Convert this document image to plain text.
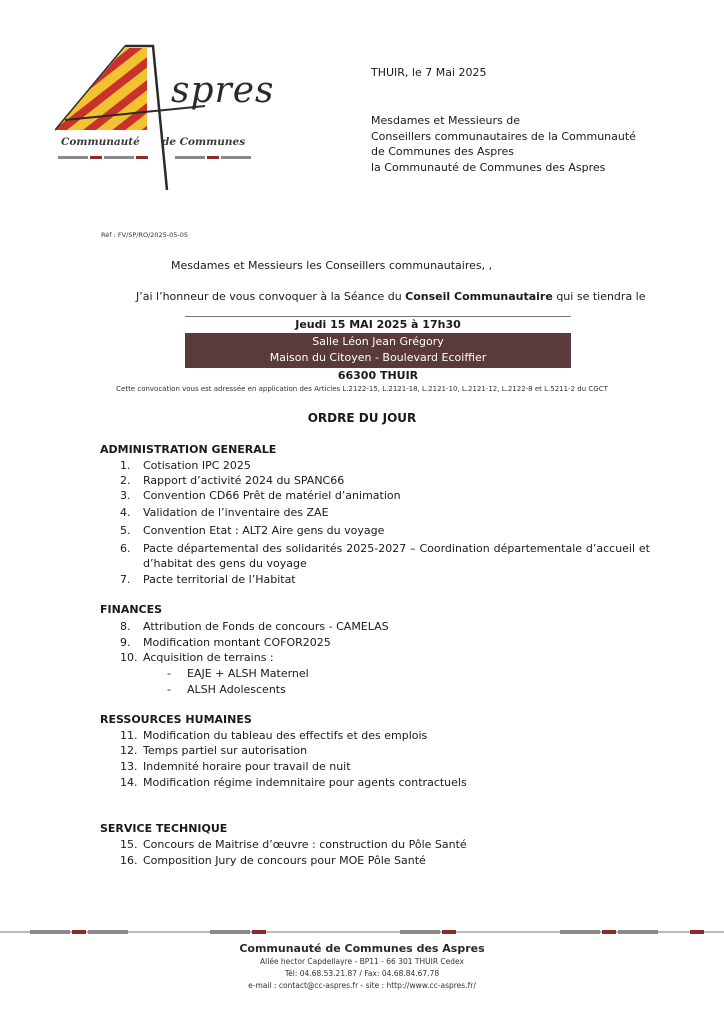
spres
Communauté de Communes
THUIR, le 7 Mai 2025
Mesdames et Messieurs de
Conseillers communautaires de la Communauté
de Communes des Aspres
la Communauté de Communes des Aspres
Réf : FV/SP/RO/2025-05-05
Mesdames et Messieurs les Conseillers communautaires, ,
J’ai l’honneur de vous convoquer à la Séance du Conseil Communautaire qui se tiendra le
Jeudi 15 MAI 2025 à 17h30
Salle Léon Jean Grégory
Maison du Citoyen - Boulevard Ecoiffier
66300 THUIR
Cette convocation vous est adressée en application des Articles L.2122-15, L.2121-18, L.2121-10, L.2121-12, L.2122-8 et L.5211-2 du CGCT
ORDRE DU JOUR
ADMINISTRATION GENERALE
1. Cotisation IPC 2025
2. Rapport d’activité 2024 du SPANC66
3. Convention CD66 Prêt de matériel d’animation
4. Validation de l’inventaire des ZAE
5. Convention Etat : ALT2 Aire gens du voyage
6. Pacte départemental des solidarités 2025-2027 – Coordination départementale d’accueil et d’habitat des gens du voyage
7. Pacte territorial de l’Habitat
FINANCES
8. Attribution de Fonds de concours - CAMELAS
9. Modification montant COFOR2025
10. Acquisition de terrains :
- EAJE + ALSH Maternel
- ALSH Adolescents
RESSOURCES HUMAINES
11. Modification du tableau des effectifs et des emplois
12. Temps partiel sur autorisation
13. Indemnité horaire pour travail de nuit
14. Modification régime indemnitaire pour agents contractuels
SERVICE TECHNIQUE
15. Concours de Maitrise d’œuvre : construction du Pôle Santé
16. Composition Jury de concours pour MOE Pôle Santé
Communauté de Communes des Aspres
Allée hector Capdellayre - BP11 - 66 301 THUIR Cedex
Tél: 04.68.53.21.87 / Fax: 04.68.84.67.78
e-mail : contact@cc-aspres.fr - site : http://www.cc-aspres.fr/
